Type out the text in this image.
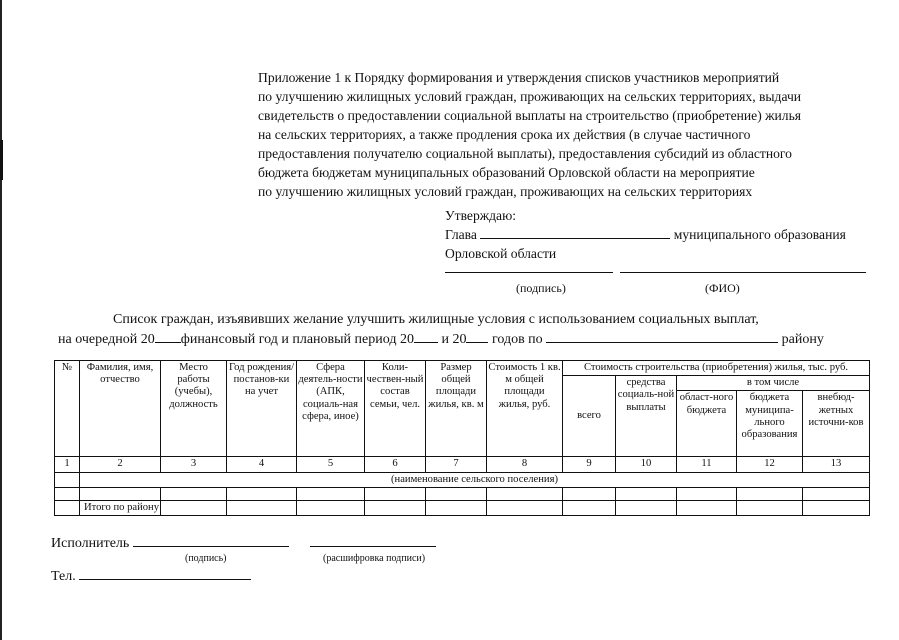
Приложение 1 к Порядку формирования и утверждения списков участников мероприятий
по улучшению жилищных условий граждан, проживающих на сельских территориях, выдачи
свидетельств о предоставлении социальной выплаты на строительство (приобретение) жилья
на сельских территориях, а также продления срока их действия (в случае частичного
предоставления получателю социальной выплаты), предоставления субсидий из областного
бюджета бюджетам муниципальных образований Орловской области на мероприятие
по улучшению жилищных условий граждан, проживающих на сельских территориях
Утверждаю:
Глава	муниципального образования
Орловской области
(подпись)	(ФИО)
Список граждан, изъявивших желание улучшить жилищные условия с использованием социальных выплат,
на очередной 20 финансовый год и плановый период 20 и 20 годов по	району
№	Фамилия, имя, отчество	Место работы (учебы), должность	Год рождения/ постанов-ки на учет	Сфера деятель-ности (АПК, социаль-ная сфера, иное)	Коли-чествен-ный состав семьи, чел.	Размер общей площади жилья, кв. м	Стоимость 1 кв. м общей площади жилья, руб.	Стоимость строительства (приобретения) жилья, тыс. руб.				
								всего	средства социаль-ной выплаты	в том числе		
										област-ного бюджета	бюджета муниципа-льного образования	внебюд-жетных источни-ков
1	2	3	4	5	6	7	8	9	10	11	12	13
	(наименование сельского поселения)											

	Итого по району											
Исполнитель
(подпись)	(расшифровка подписи)
Тел.
